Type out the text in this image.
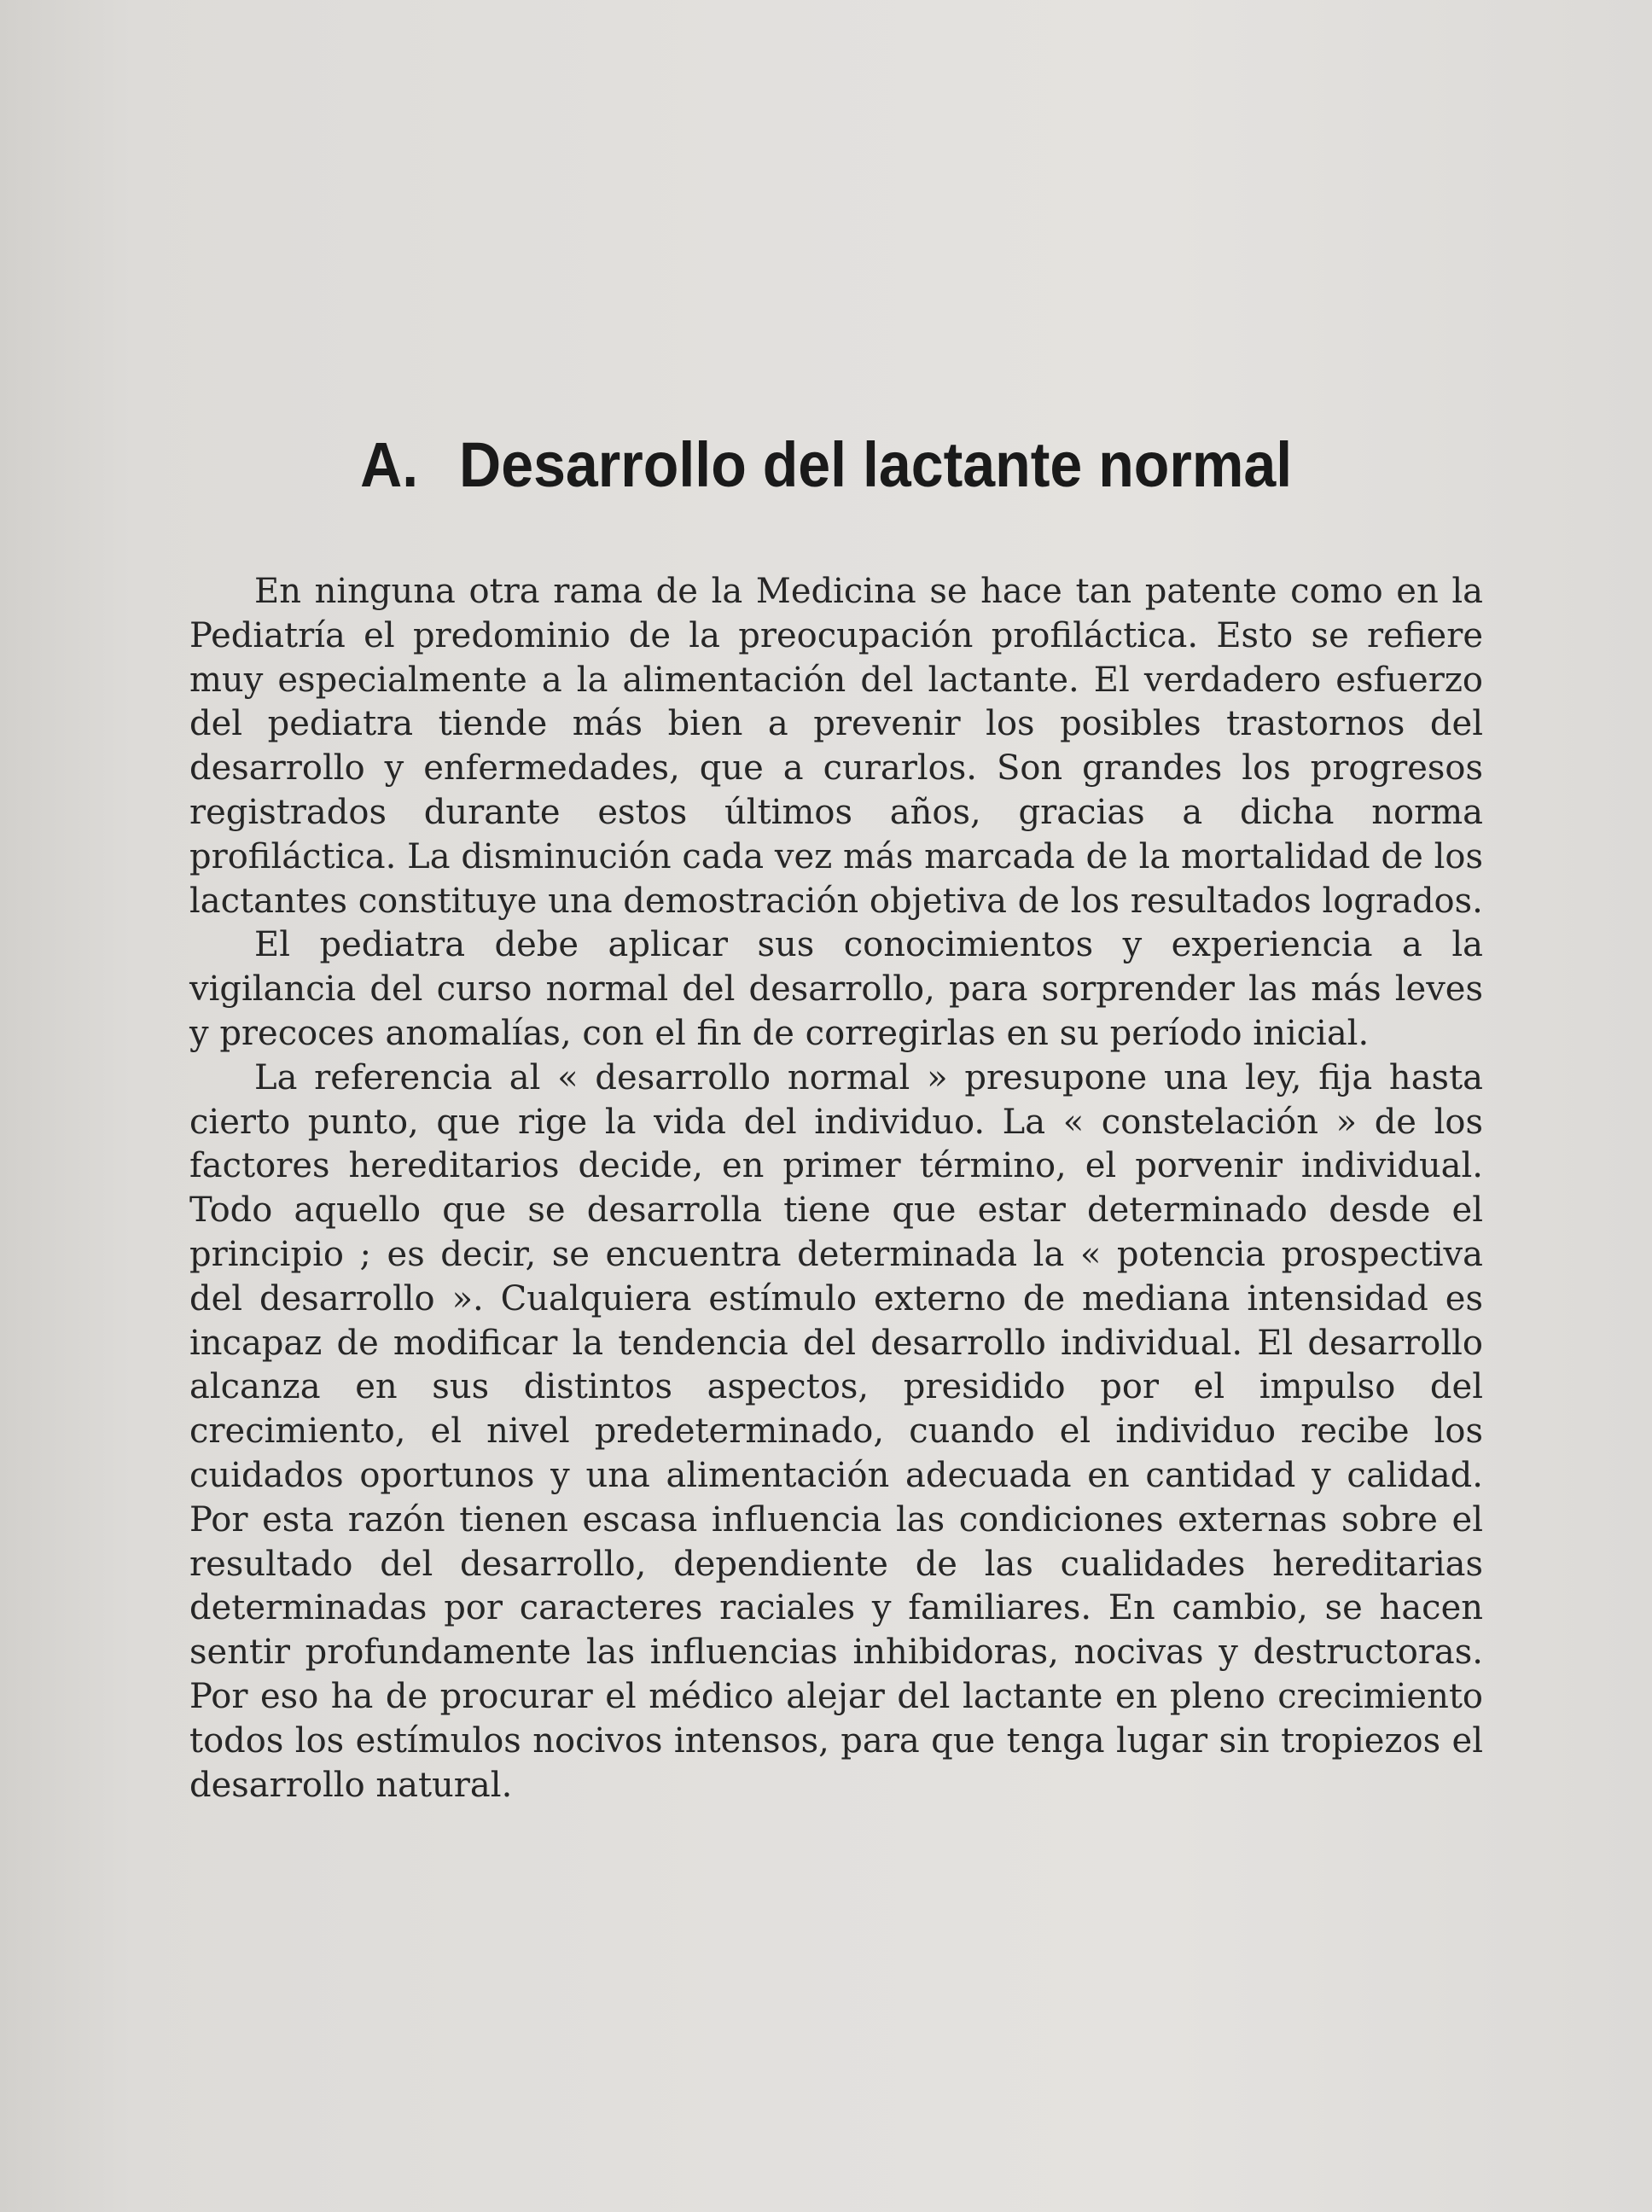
A. Desarrollo del lactante normal

En ninguna otra rama de la Medicina se hace tan patente como en la Pediatría el predominio de la preocupación profiláctica. Esto se refiere muy especialmente a la alimentación del lactante. El verdadero esfuerzo del pediatra tiende más bien a prevenir los posibles trastornos del desarrollo y enfermedades, que a curarlos. Son grandes los progresos registrados durante estos últimos años, gracias a dicha norma profiláctica. La disminución cada vez más marcada de la mortalidad de los lactantes constituye una demostración objetiva de los resultados logrados.

El pediatra debe aplicar sus conocimientos y experiencia a la vigilancia del curso normal del desarrollo, para sorprender las más leves y precoces anomalías, con el fin de corregirlas en su período inicial.

La referencia al « desarrollo normal » presupone una ley, fija hasta cierto punto, que rige la vida del individuo. La « constelación » de los factores hereditarios decide, en primer término, el porvenir individual. Todo aquello que se desarrolla tiene que estar determinado desde el principio ; es decir, se encuentra determinada la « potencia prospectiva del desarrollo ». Cualquiera estímulo externo de mediana intensidad es incapaz de modificar la tendencia del desarrollo individual. El desarrollo alcanza en sus distintos aspectos, presidido por el impulso del crecimiento, el nivel predeterminado, cuando el individuo recibe los cuidados oportunos y una alimentación adecuada en cantidad y calidad. Por esta razón tienen escasa influencia las condiciones externas sobre el resultado del desarrollo, dependiente de las cualidades hereditarias determinadas por caracteres raciales y familiares. En cambio, se hacen sentir profundamente las influencias inhibidoras, nocivas y destructoras. Por eso ha de procurar el médico alejar del lactante en pleno crecimiento todos los estímulos nocivos intensos, para que tenga lugar sin tropiezos el desarrollo natural.
